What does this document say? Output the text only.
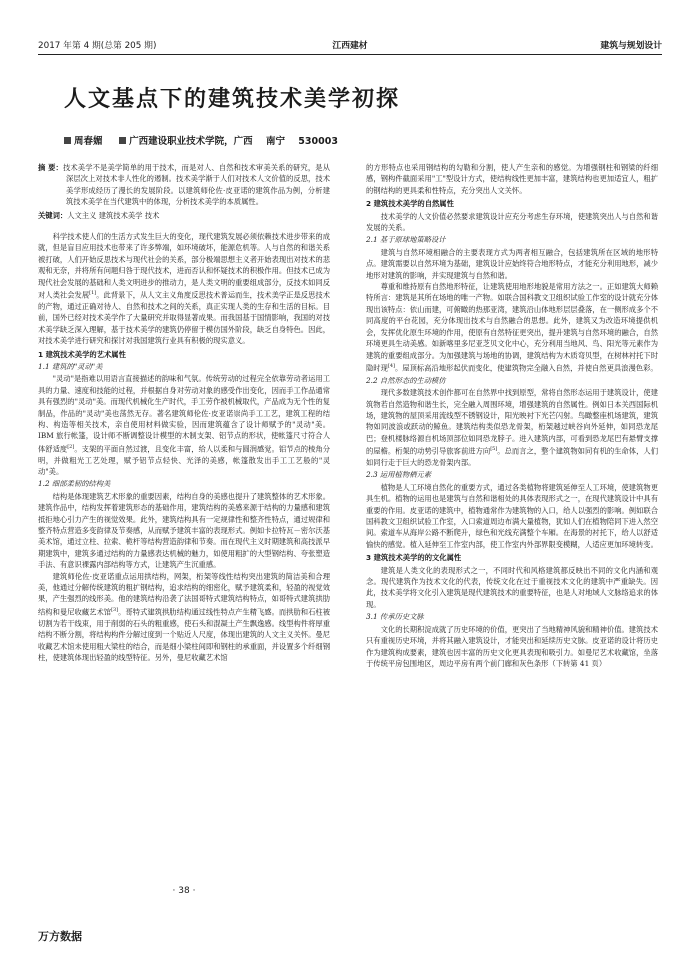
2017 年第 4 期(总第 205 期)	江西建材	建筑与规划设计
人文基点下的建筑技术美学初探
周春媚	广西建设职业技术学院，广西 南宁 530003

摘 要：技术美学不是美学简单的用于技术，而是对人、自然和技术审美关系的研究，是从深层次上对技术非人性化的遏制。技术美学渐于人们对技术人文价值的反思，技术美学形成经历了漫长的发展阶段。以建筑师伦佐·皮亚诺的建筑作品为例，分析建筑技术美学在当代建筑中的体现，分析技术美学的本质属性。

关键词：人文主义 建筑技术美学 技术

科学技术使人们的生活方式发生巨大的变化，现代建筑发展必须依赖技术进步带来的成就，但是盲目应用技术也带来了许多弊端，如环境破坏，能源危机等。人与自然的和谐关系被打破，人们开始反思技术与现代社会的关系，部分极端思想主义者开始表现出对技术的悲观和无奈，并将所有问题归咎于现代技术，进而否认和怀疑技术的积极作用。但技术已成为现代社会发展的基础和人类文明进步的推动力，是人类文明的重要组成部分，反技术如同反对人类社会发展[1]。此背景下，从人文主义角度反思技术普运而生，技术美学正是反思技术的产物，通过正确对待人、自然和技术之间的关系，真正实现人类的生存和生活的目标。目前，国外已经对技术美学作了大量研究并取得显著成果。而我国基于国情影响，我国的对技术美学缺乏深入理解，基于技术美学的建筑仍停留于模仿国外阶段，缺乏自身特色。因此，对技术美学进行研究和探讨对我国建筑行业具有积极的现实意义。

1 建筑技术美学的艺术属性
1.1 建筑的"灵动"美

"灵动"是指难以用语言直接描述的韵味和气氛。传统劳动的过程完全依靠劳动者运用工具的力量、速度和技能的过程，并根据自身对劳动对象的感受作出变化，因而手工作品通常具有强烈的"灵动"美。而现代机械化生产时代，手工劳作被机械取代，产品成为无个性的复制品，作品的"灵动"美也荡然无存。著名建筑师伦佐·皮亚诺崇尚手工工艺，建筑工程的结构、构造等相关技术，亲自使用材料做实验，因而建筑蕴含了设计师赋予的"灵动"美。IBM 旅行帐篷，设计师不断调整设计模型的木制支架、铝节点的形状，使帐篷尺寸符合人体舒适度[2]。支架的平面自然过渡，且变化丰富，给人以柔和与圆润感觉。铝节点的棱角分明，并做粗光工艺处理，赋予铝节点轻快、光泽的美感，帐篷散发出手工工艺般的"灵动"美。

1.2 细部柔韧的结构美

结构是体现建筑艺术形象的重要因素，结构自身的美感也提升了建筑整体的艺术形象。建筑作品中，结构发挥着建筑形态的基础作用，建筑结构的美感来源于结构的力量感和建筑抵拒地心引力产生的视觉效果。此外，建筑结构具有一定规律性和整齐性特点，通过规律和整齐特点营造多变韵律及节奏感，从而赋予建筑丰富的表现形式。例如卡拉特瓦－密尔沃基美术馆，通过立柱、拉索、桅杆等结构营造韵律和节奏。而在现代主义时期建筑和高技派早期建筑中，建筑多通过结构的力量感表达机械的魅力，如使用粗扩的大型钢结构、夸张塑造手法、有意识裸露内部结构等方式，让建筑产生沉重感。

建筑师伦佐·皮亚诺重点运用拱结构，网架，桁架等线性结构突出建筑的简洁美和合理美，他通过分解传统建筑的粗扩钢结构，追求结构的细密化，赋予建筑柔和，轻盈的视觉效果，产生强烈的线形美。他的建筑结构沿袭了法国哥特式建筑结构特点，如哥特式建筑拱肋结构和曼尼收藏艺术馆[3]。哥特式建筑拱肋结构通过线性特点产生精飞感。而拱肋和石柱被切割为若干线束，用于削弱的石头的粗重感，使石头和混凝土产生飘逸感。线型构件将厚重结构不断分割，将结构构件分解过度到一个贴近人尺度，体现出建筑的人文主义关怀。曼尼收藏艺术馆未使用粗大梁柱的结合，而是细小梁柱间即和钢柱的承重面，并设置多个纤细钢柱，使建筑体现出轻盈的线型特征。另外，曼尼收藏艺术馆

的方形特点也采用钢结构的勾勒和分割，使人产生亲和的感觉。为增强钢柱和钢梁的纤细感，钢构件截面采用"工"型设计方式，使结构线性更加丰富，建筑结构也更加适宜人，粗扩的钢结构的更具柔和性特点，充分突出人文关怀。

2 建筑技术美学的自然属性

技术美学的人文价值必然要求建筑设计应充分考虑生存环境，使建筑突出人与自然和谐发展的关系。

2.1 基于原球地策略设计

建筑与自然环境相融合的主要表现方式为两者相互融合，包括建筑所在区域的地形特点。建筑需要以自然环境为基础，建筑设计应始终符合地形特点，才能充分利用地形，减少地形对建筑的影响，并实现建筑与自然和谐。

尊重和维持原有自然地形特征，让建筑使用地形地貌是常用方法之一。正如建筑大师赖特所言：建筑是其所在场地的唯一产物。如联合国科教文卫组织试验工作室的设计就充分体现出该特点：依山而建，可俯瞰的热那亚湾，建筑沿山体地形层层叠落，在一侧形成多个不同高度的平台花园，充分体现出技术与自然融合的思想。此外，建筑又为改造环境提供机会，发挥优化原生环境的作用，使原有自然特征更突出，提升建筑与自然环境的融合，自然环境更具生动美感。如新喀里多尼亚芝贝文化中心，充分利用当地风、鸟、阳光等元素作为建筑的重要组成部分。为加强建筑与场地的协调，建筑结构为木质弯贝型，在树林衬托下时隐时现[4]。屋顶标高沿地形起伏而变化，使建筑物完全融入自然，并使自然更具浪漫色彩。

2.2 自然形态的生动模仿

现代多数建筑技术创作都可在自然界中找到原型，常将自然形态运用于建筑设计，使建筑物若自然造物和谐生长，完全融入周围环境，增强建筑的自然属性。例如日本关西国际机场，建筑物的屋顶采用流线型不锈钢设计，阳光映衬下光芒闪射。鸟瞰整座机场建筑，建筑物如同波浪或跃动的鲸鱼。建筑结构类似恐龙骨架，桁架越过峡谷向外延伸，如同恐龙尾巴；登机楼脉络源自机场顶部位如同恐龙脖子。进入建筑内部，可看到恐龙尾巴有悬臂支撑的屋檐。桁架的动势引导旅客前进方向[5]。总而言之，整个建筑物如同有机的生命体，人们如同行走于巨大的恐龙骨架内部。

2.3 运用植物栖元素

植物是人工环境自然化的重要方式，通过各类植物将建筑延伸至人工环境，使建筑物更具生机。植物的运用也是建筑与自然和谐相处的具体表现形式之一，在现代建筑设计中具有重要的作用。皮亚诺的建筑中，植物通常作为建筑物的入口，给人以强烈的影响。例如联合国科教文卫组织试验工作室，入口索道周边布满大量植物，犹如人们在植物陪同下进入然空间。索道车从海岸公路不断爬升，绿色和光线充满整个车厢。在海景的衬托下，给人以舒适愉快的感觉。植入延伸至工作室内部，使工作室内外部界限变模糊，人适应更加环境转变。

3 建筑技术美学的的文化属性

建筑是人类文化的表现形式之一，不同时代和风格建筑都反映出不同的文化内涵和观念。现代建筑作为技术文化的代表，传统文化在过于重视技术文化的建筑中严重缺失。因此，技术美学将文化引入建筑是现代建筑技术的重要特征，也是人对地域人文脉络追求的体现。

3.1 传承历史文脉

文化的长期积淀成就了历史环境的价值，更突出了当地精神风貌和精神价值。建筑技术只有重视历史环境，并将其融入建筑设计，才能突出和延续历史文脉。皮亚诺的设计将历史作为建筑构成要素，建筑也因丰富的历史文化更具表现和吸引力。如曼尼艺术收藏馆，坐落于传统平房包围地区，周边平房有两个前门廊和灰色条形（下转第 41 页）

· 38 ·
万方数据
